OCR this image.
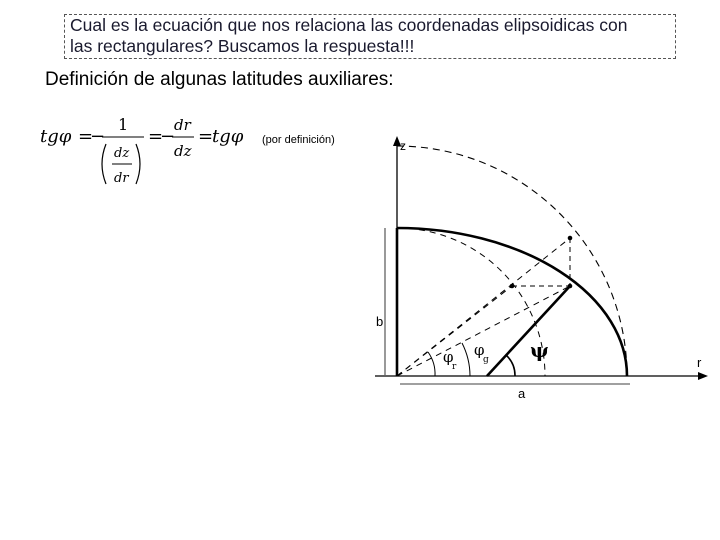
Cual es la ecuación que nos relaciona las coordenadas elipsoidicas con
las rectangulares? Buscamos la respuesta!!!
Definición de algunas latitudes auxiliares:
tgφ =
−
1
dz
dr
=
−
dr
dz
=
tgφ (por definición)	z
r
b
a
φ
r
φ
g ψ
